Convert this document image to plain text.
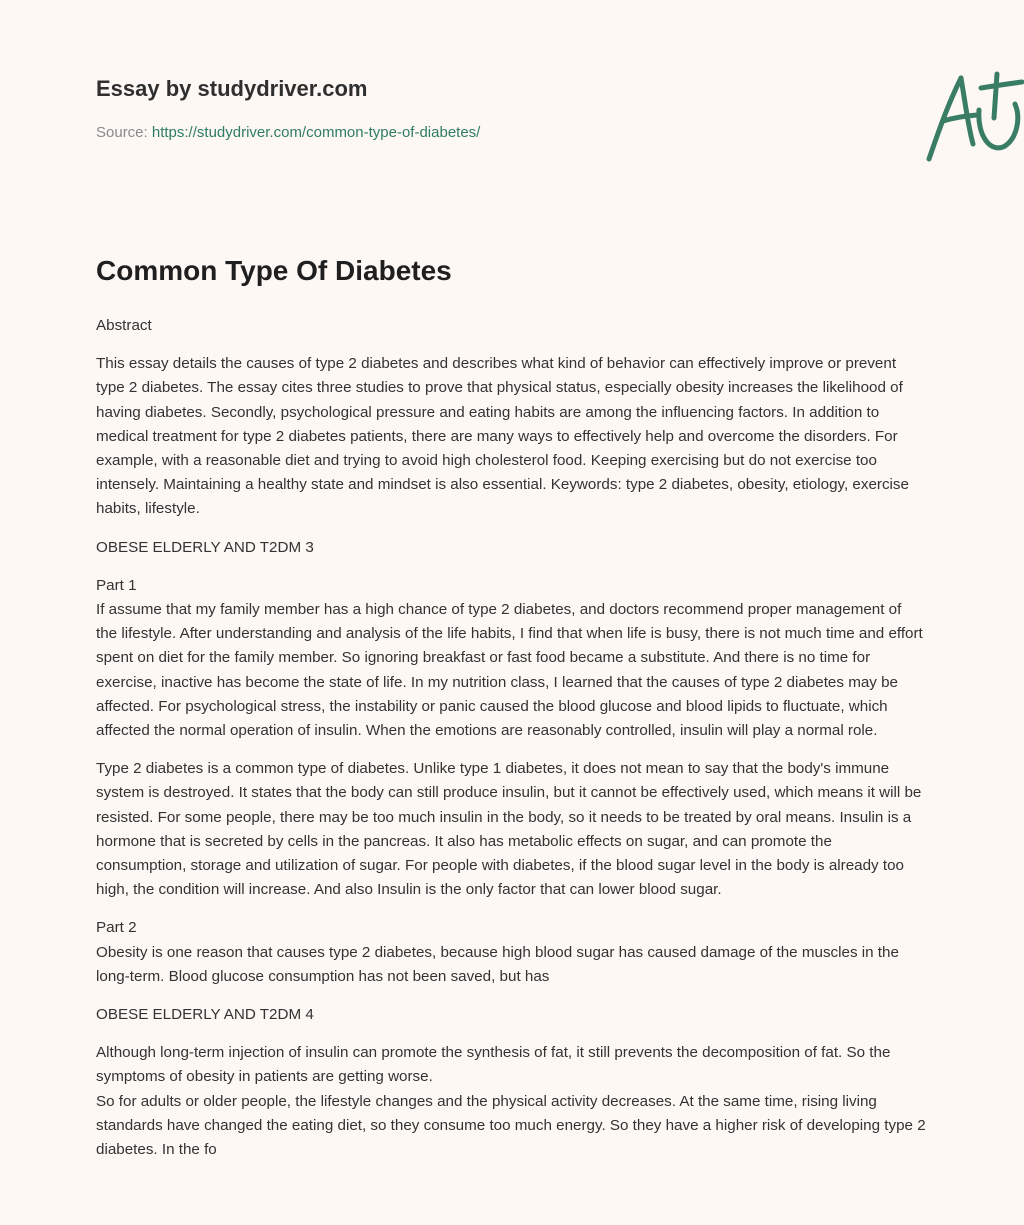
Essay by studydriver.com
Source: https://studydriver.com/common-type-of-diabetes/
Common Type Of Diabetes

Abstract

This essay details the causes of type 2 diabetes and describes what kind of behavior can effectively improve or prevent type 2 diabetes. The essay cites three studies to prove that physical status, especially obesity increases the likelihood of having diabetes. Secondly, psychological pressure and eating habits are among the influencing factors. In addition to medical treatment for type 2 diabetes patients, there are many ways to effectively help and overcome the disorders. For example, with a reasonable diet and trying to avoid high cholesterol food. Keeping exercising but do not exercise too intensely. Maintaining a healthy state and mindset is also essential. Keywords: type 2 diabetes, obesity, etiology, exercise habits, lifestyle.

OBESE ELDERLY AND T2DM 3

Part 1

If assume that my family member has a high chance of type 2 diabetes, and doctors recommend proper management of the lifestyle. After understanding and analysis of the life habits, I find that when life is busy, there is not much time and effort spent on diet for the family member. So ignoring breakfast or fast food became a substitute. And there is no time for exercise, inactive has become the state of life. In my nutrition class, I learned that the causes of type 2 diabetes may be affected. For psychological stress, the instability or panic caused the blood glucose and blood lipids to fluctuate, which affected the normal operation of insulin. When the emotions are reasonably controlled, insulin will play a normal role.

Type 2 diabetes is a common type of diabetes. Unlike type 1 diabetes, it does not mean to say that the body's immune system is destroyed. It states that the body can still produce insulin, but it cannot be effectively used, which means it will be resisted. For some people, there may be too much insulin in the body, so it needs to be treated by oral means. Insulin is a hormone that is secreted by cells in the pancreas. It also has metabolic effects on sugar, and can promote the consumption, storage and utilization of sugar. For people with diabetes, if the blood sugar level in the body is already too high, the condition will increase. And also Insulin is the only factor that can lower blood sugar.

Part 2

Obesity is one reason that causes type 2 diabetes, because high blood sugar has caused damage of the muscles in the long-term. Blood glucose consumption has not been saved, but has

OBESE ELDERLY AND T2DM 4

Although long-term injection of insulin can promote the synthesis of fat, it still prevents the decomposition of fat. So the symptoms of obesity in patients are getting worse.

So for adults or older people, the lifestyle changes and the physical activity decreases. At the same time, rising living standards have changed the eating diet, so they consume too much energy. So they have a higher risk of developing type 2 diabetes. In the fo
